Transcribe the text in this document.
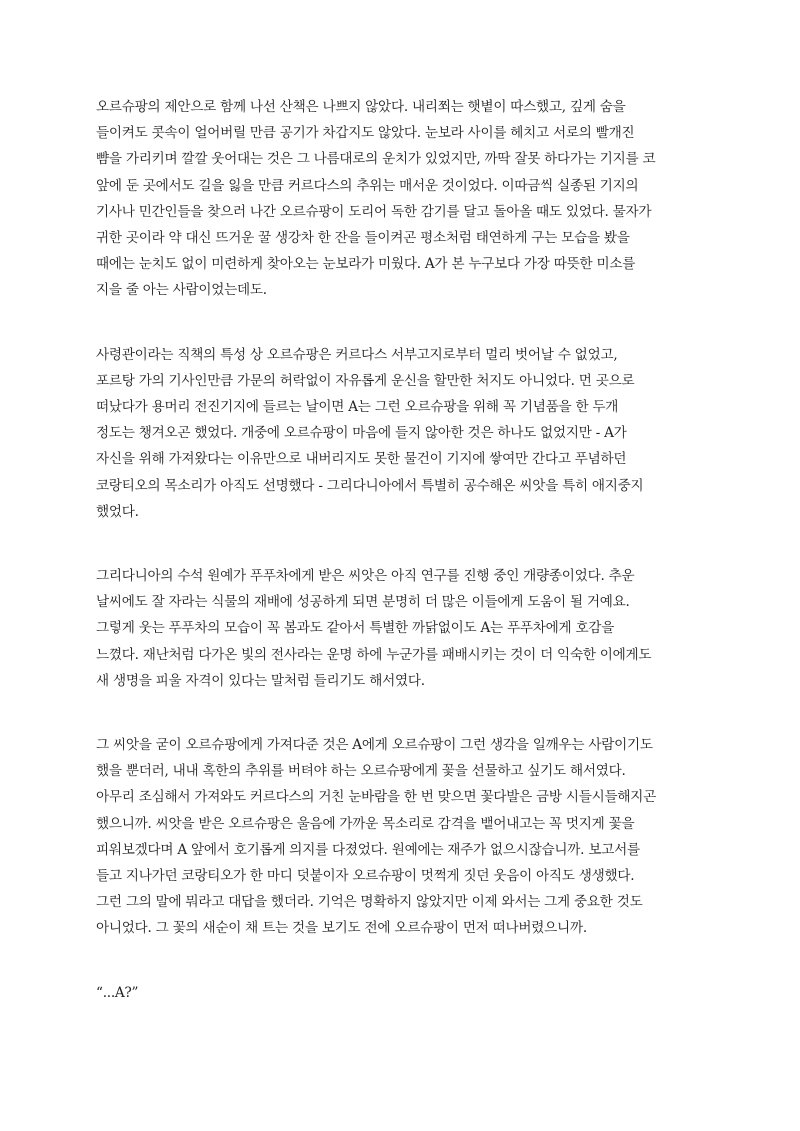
오르슈팡의 제안으로 함께 나선 산책은 나쁘지 않았다. 내리쬐는 햇볕이 따스했고, 깊게 숨을
들이켜도 콧속이 얼어버릴 만큼 공기가 차갑지도 않았다. 눈보라 사이를 헤치고 서로의 빨개진
뺨을 가리키며 깔깔 웃어대는 것은 그 나름대로의 운치가 있었지만, 까딱 잘못 하다가는 기지를 코
앞에 둔 곳에서도 길을 잃을 만큼 커르다스의 추위는 매서운 것이었다. 이따금씩 실종된 기지의
기사나 민간인들을 찾으러 나간 오르슈팡이 도리어 독한 감기를 달고 돌아올 때도 있었다. 물자가
귀한 곳이라 약 대신 뜨거운 꿀 생강차 한 잔을 들이켜곤 평소처럼 태연하게 구는 모습을 봤을
때에는 눈치도 없이 미련하게 찾아오는 눈보라가 미웠다. A가 본 누구보다 가장 따뜻한 미소를
지을 줄 아는 사람이었는데도.

사령관이라는 직책의 특성 상 오르슈팡은 커르다스 서부고지로부터 멀리 벗어날 수 없었고,
포르탕 가의 기사인만큼 가문의 허락없이 자유롭게 운신을 할만한 처지도 아니었다. 먼 곳으로
떠났다가 용머리 전진기지에 들르는 날이면 A는 그런 오르슈팡을 위해 꼭 기념품을 한 두개
정도는 챙겨오곤 했었다. 개중에 오르슈팡이 마음에 들지 않아한 것은 하나도 없었지만 - A가
자신을 위해 가져왔다는 이유만으로 내버리지도 못한 물건이 기지에 쌓여만 간다고 푸념하던
코랑티오의 목소리가 아직도 선명했다 - 그리다니아에서 특별히 공수해온 씨앗을 특히 애지중지
했었다.

그리다니아의 수석 원예가 푸푸차에게 받은 씨앗은 아직 연구를 진행 중인 개량종이었다. 추운
날씨에도 잘 자라는 식물의 재배에 성공하게 되면 분명히 더 많은 이들에게 도움이 될 거예요.
그렇게 웃는 푸푸차의 모습이 꼭 봄과도 같아서 특별한 까닭없이도 A는 푸푸차에게 호감을
느꼈다. 재난처럼 다가온 빛의 전사라는 운명 하에 누군가를 패배시키는 것이 더 익숙한 이에게도
새 생명을 피울 자격이 있다는 말처럼 들리기도 해서였다.

그 씨앗을 굳이 오르슈팡에게 가져다준 것은 A에게 오르슈팡이 그런 생각을 일깨우는 사람이기도
했을 뿐더러, 내내 혹한의 추위를 버텨야 하는 오르슈팡에게 꽃을 선물하고 싶기도 해서였다.
아무리 조심해서 가져와도 커르다스의 거친 눈바람을 한 번 맞으면 꽃다발은 금방 시들시들해지곤
했으니까. 씨앗을 받은 오르슈팡은 울음에 가까운 목소리로 감격을 뱉어내고는 꼭 멋지게 꽃을
피워보겠다며 A 앞에서 호기롭게 의지를 다졌었다. 원예에는 재주가 없으시잖습니까. 보고서를
들고 지나가던 코랑티오가 한 마디 덧붙이자 오르슈팡이 멋쩍게 짓던 웃음이 아직도 생생했다.
그런 그의 말에 뭐라고 대답을 했더라. 기억은 명확하지 않았지만 이제 와서는 그게 중요한 것도
아니었다. 그 꽃의 새순이 채 트는 것을 보기도 전에 오르슈팡이 먼저 떠나버렸으니까.

“...A?”
